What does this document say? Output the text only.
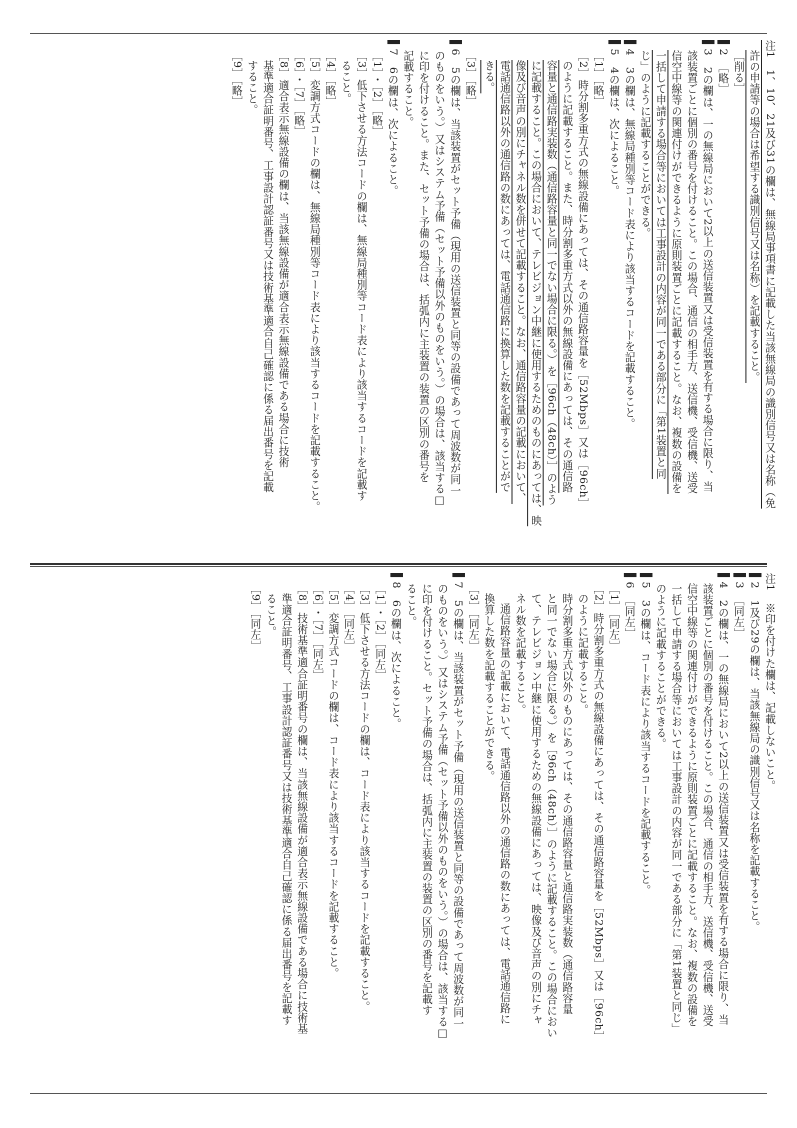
注1　1、10、21及び31の欄は、無線局事項書に記載した当該無線局の識別信号又は名称（免
許の申請等の場合は希望する識別信号又は名称）を記載すること。
［削る］
▌2　［略］
▌3　2の欄は、一の無線局において2以上の送信装置又は受信装置を有する場合に限り、当
該装置ごとに個別の番号を付けること。この場合、通信の相手方、送信機、受信機、送受
信空中線等の関連付けができるように原則装置ごとに記載すること。なお、複数の設備を
一括して申請する場合等においては工事設計の内容が同一である部分に「第1装置と同
じ」のように記載することができる。
▌4　3の欄は、無線局種別等コード表により該当するコードを記載すること。
▌5　4の欄は、次によること。
［1］［略］
［2］時分割多重方式の無線設備にあっては、その通信路容量を［52Mbps］又は［96ch］
のように記載すること。また、時分割多重方式以外の無線設備にあっては、その通信路
容量と通信路実装数（通信路容量と同一でない場合に限る。）を［96ch（48ch）］のよう
に記載すること。この場合において、テレビジョン中継に使用するためのものにあっては、映
像及び音声の別にチャネル数を併せて記載すること。なお、通信路容量の記載において、
電話通信路以外の通信路の数にあっては、電話通信路に換算した数を記載することがで
きる。
［3］［略］
▌6　5の欄は、当該装置がセット予備（現用の送信装置と同等の設備であって周波数が同一
のものをいう。）又はシステム予備（セット予備以外のものをいう。）の場合は、該当する□
に印を付けること。また、セット予備の場合は、括弧内に主装置の装置の区別の番号を
記載すること。
▌7　6の欄は、次によること。
［1］・［2］［略］
［3］低下させる方法コードの欄は、無線局種別等コード表により該当するコードを記載す
ること。
［4］［略］
［5］変調方式コードの欄は、無線局種別等コード表により該当するコードを記載すること。
［6］・［7］［略］
［8］適合表示無線設備の欄は、当該無線設備が適合表示無線設備である場合に技術
基準適合証明番号、工事設計認証番号又は技術基準適合自己確認に係る届出番号を記載
すること。
［9］［略］
注1　※印を付けた欄は、記載しないこと。
▌2　1及び29の欄は、当該無線局の識別信号又は名称を記載すること。
▌3　［同左］
▌4　2の欄は、一の無線局において2以上の送信装置又は受信装置を有する場合に限り、当
該装置ごとに個別の番号を付けること。この場合、通信の相手方、送信機、受信機、送受
信空中線等の関連付けができるように原則装置ごとに記載すること。なお、複数の設備を
一括して申請する場合等においては工事設計の内容が同一である部分に「第1装置と同じ」
のように記載することができる。
▌5　3の欄は、コード表により該当するコードを記載すること。
▌6　［同左］
［1］［同左］
［2］時分割多重方式の無線設備にあっては、その通信路容量を［52Mbps］又は［96ch］
のように記載すること。
時分割多重方式以外のものにあっては、その通信路容量と通信路実装数（通信路容量
と同一でない場合に限る。）を［96ch（48ch）］のように記載すること。この場合におい
て、テレビジョン中継に使用するための無線設備にあっては、映像及び音声の別にチャ
ネル数を記載すること。
通信路容量の記載において、電話通信路以外の通信路の数にあっては、電話通信路に
換算した数を記載することができる。
［3］［同左］
▌7　5の欄は、当該装置がセット予備（現用の送信装置と同等の設備であって周波数が同一
のものをいう。）又はシステム予備（セット予備以外のものをいう。）の場合は、該当する□
に印を付けること。セット予備の場合は、括弧内に主装置の装置の区別の番号を記載す
ること。
▌8　6の欄は、次によること。
［1］・［2］［同左］
［3］低下させる方法コードの欄は、コード表により該当するコードを記載すること。
［4］［同左］
［5］変調方式コードの欄は、コード表により該当するコードを記載すること。
［6］・［7］［同左］
［8］技術基準適合証明番号の欄は、当該無線設備が適合表示無線設備である場合に技術基
準適合証明番号、工事設計認証番号又は技術基準適合自己確認に係る届出番号を記載す
ること。
［9］［同左］
